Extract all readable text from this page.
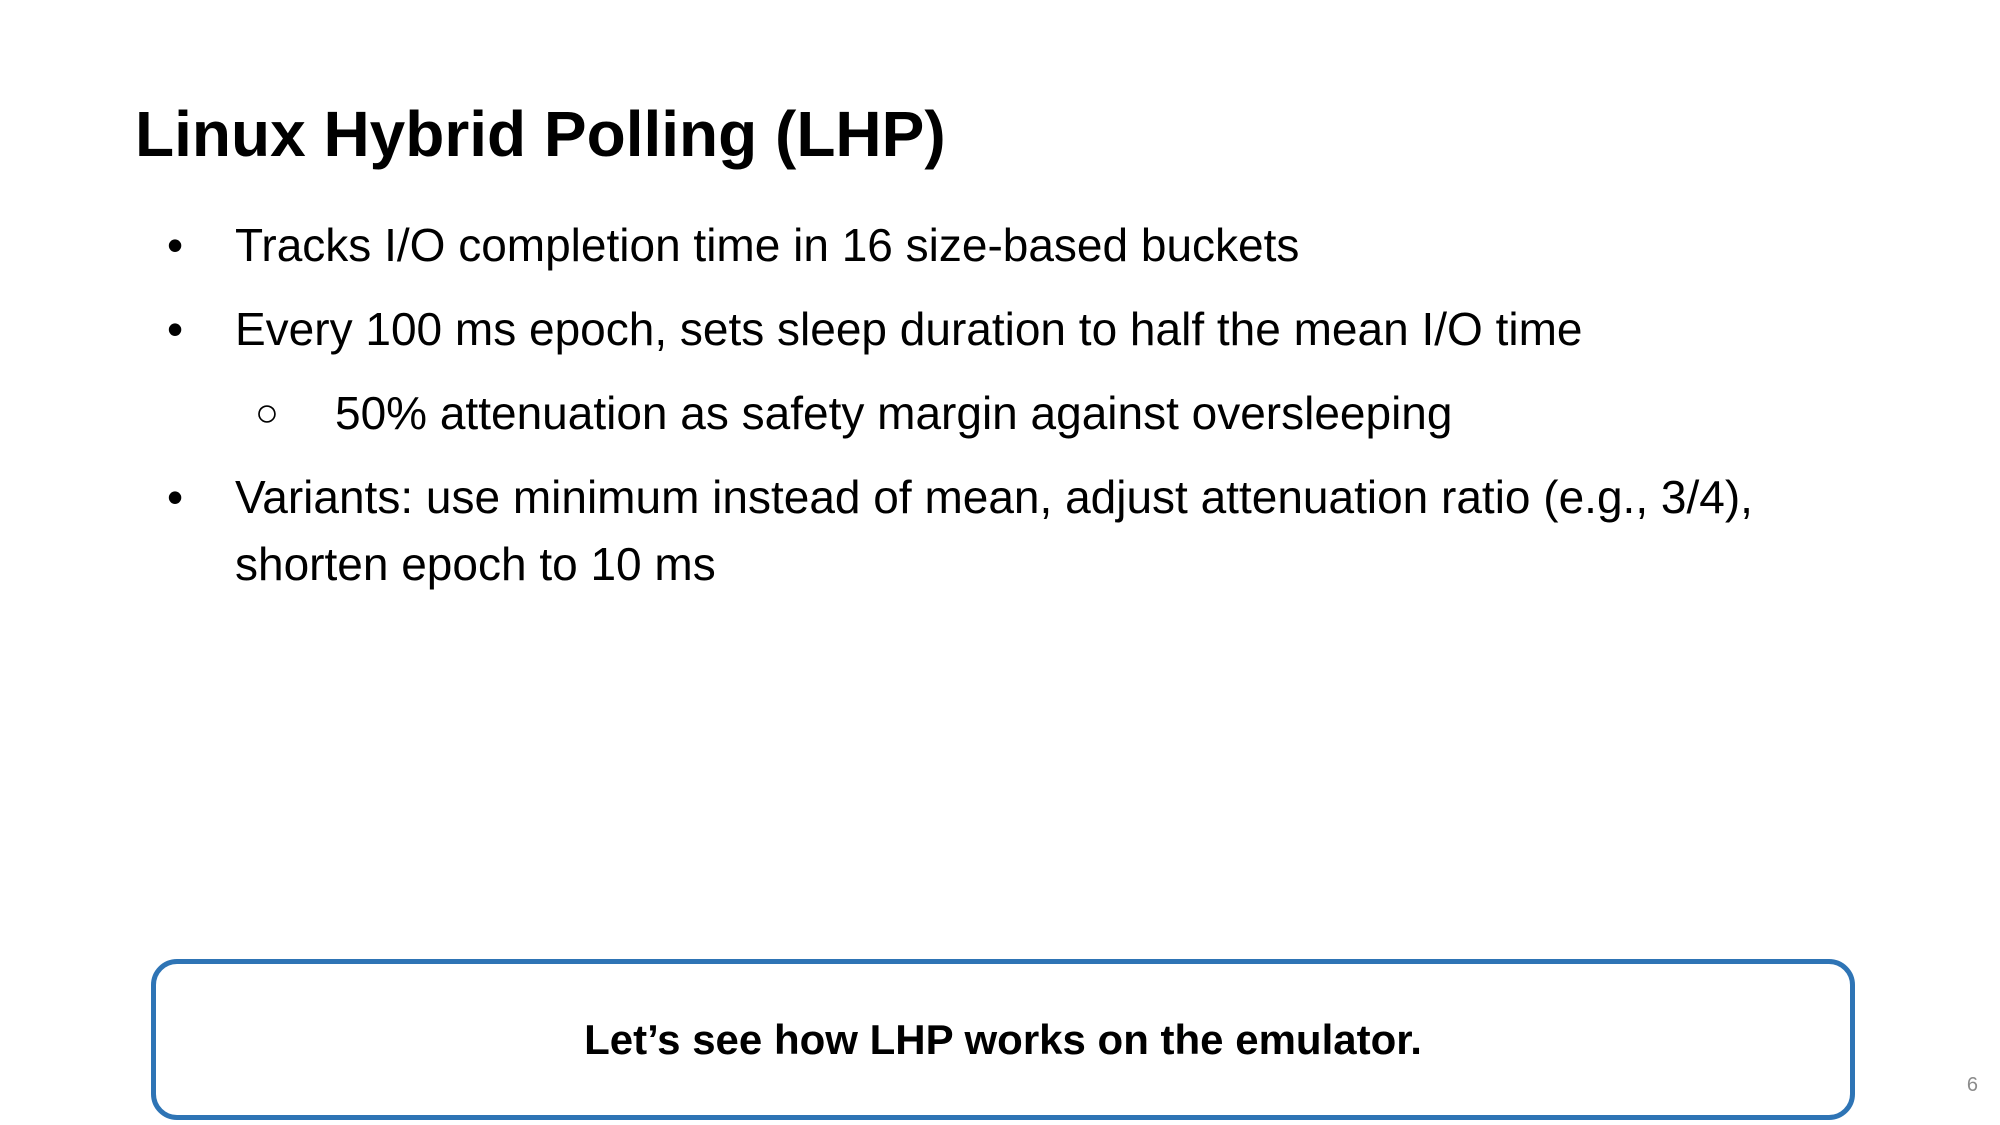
Linux Hybrid Polling (LHP)
• Tracks I/O completion time in 16 size-based buckets
• Every 100 ms epoch, sets sleep duration to half the mean I/O time
○ 50% attenuation as safety margin against oversleeping
• Variants: use minimum instead of mean, adjust attenuation ratio (e.g., 3/4), shorten epoch to 10 ms
Let’s see how LHP works on the emulator.
6
